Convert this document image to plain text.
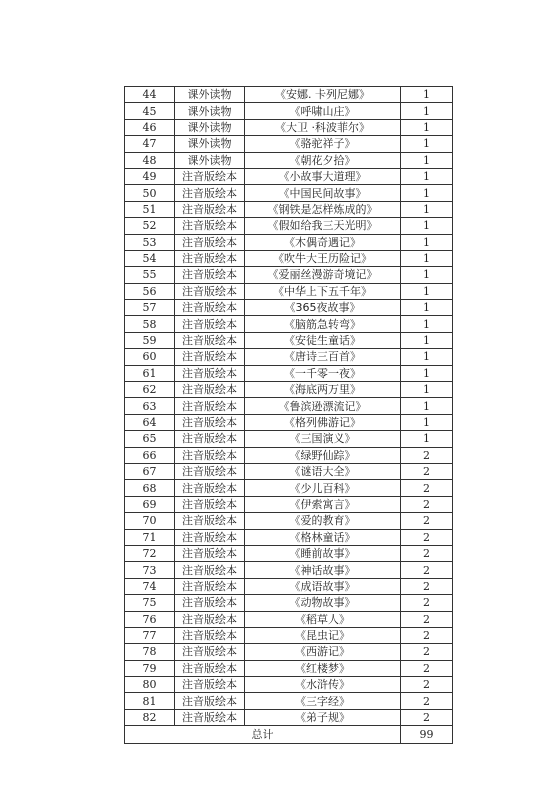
44	课外读物	《安娜. 卡列尼娜》	1
45	课外读物	《呼啸山庄》	1
46	课外读物	《大卫 ·科波菲尔》	1
47	课外读物	《骆驼祥子》	1
48	课外读物	《朝花夕拾》	1
49	注音版绘本	《小故事大道理》	1
50	注音版绘本	《中国民间故事》	1
51	注音版绘本	《钢铁是怎样炼成的》	1
52	注音版绘本	《假如给我三天光明》	1
53	注音版绘本	《木偶奇遇记》	1
54	注音版绘本	《吹牛大王历险记》	1
55	注音版绘本	《爱丽丝漫游奇境记》	1
56	注音版绘本	《中华上下五千年》	1
57	注音版绘本	《365夜故事》	1
58	注音版绘本	《脑筋急转弯》	1
59	注音版绘本	《安徒生童话》	1
60	注音版绘本	《唐诗三百首》	1
61	注音版绘本	《一千零一夜》	1
62	注音版绘本	《海底两万里》	1
63	注音版绘本	《鲁滨逊漂流记》	1
64	注音版绘本	《格列佛游记》	1
65	注音版绘本	《三国演义》	1
66	注音版绘本	《绿野仙踪》	2
67	注音版绘本	《谜语大全》	2
68	注音版绘本	《少儿百科》	2
69	注音版绘本	《伊索寓言》	2
70	注音版绘本	《爱的教育》	2
71	注音版绘本	《格林童话》	2
72	注音版绘本	《睡前故事》	2
73	注音版绘本	《神话故事》	2
74	注音版绘本	《成语故事》	2
75	注音版绘本	《动物故事》	2
76	注音版绘本	《稻草人》	2
77	注音版绘本	《昆虫记》	2
78	注音版绘本	《西游记》	2
79	注音版绘本	《红楼梦》	2
80	注音版绘本	《水浒传》	2
81	注音版绘本	《三字经》	2
82	注音版绘本	《弟子规》	2
总计			99
